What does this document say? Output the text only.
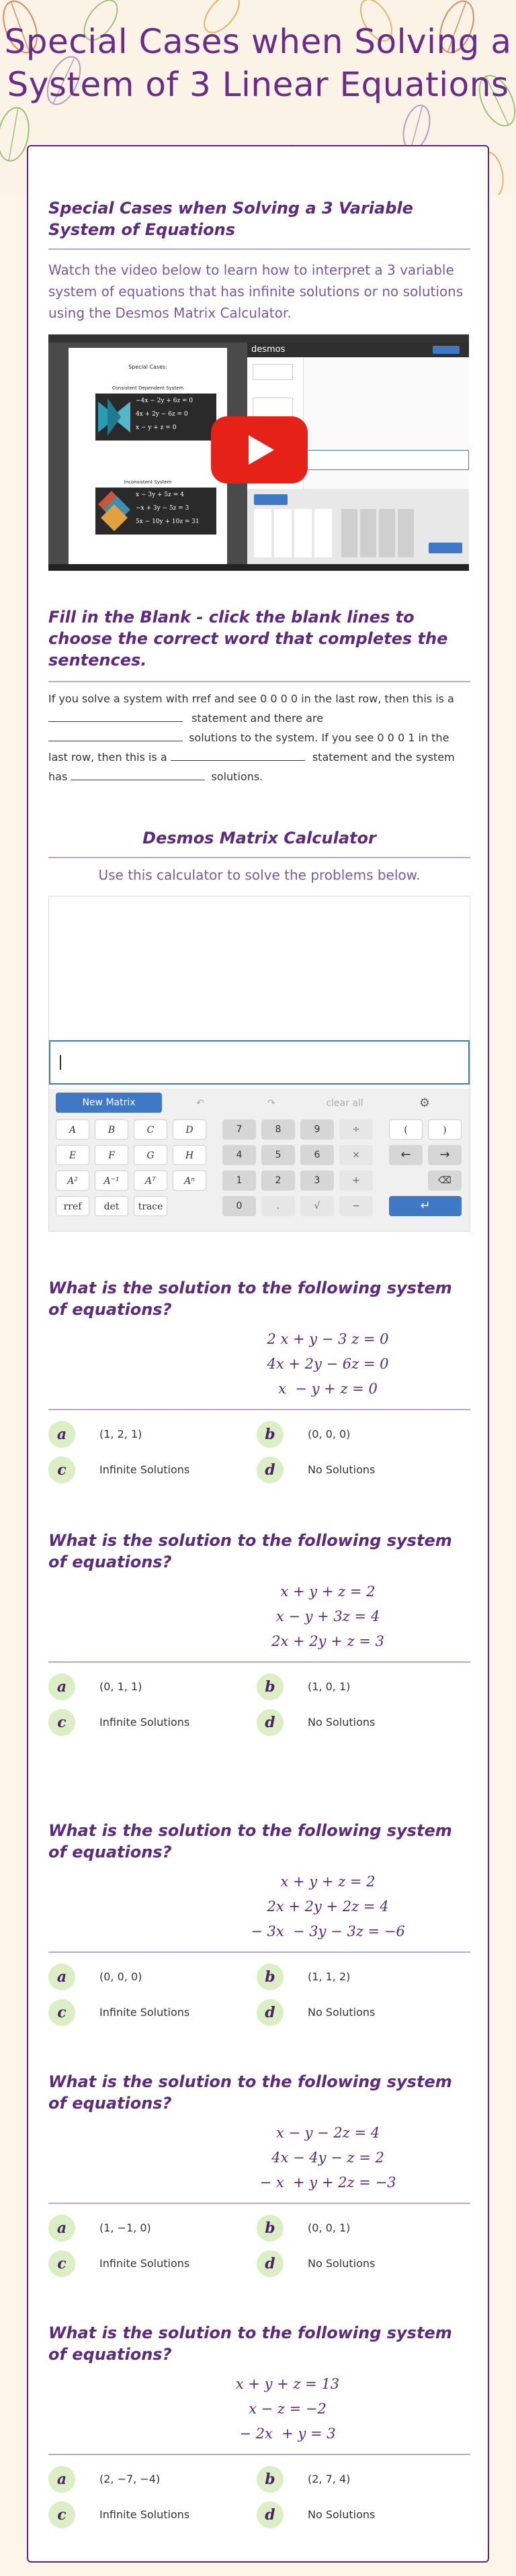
Special Cases when Solving a System of 3 Linear Equations
Special Cases when Solving a 3 Variable System of Equations
Watch the video below to learn how to interpret a 3 variable system of equations that has infinite solutions or no solutions using the Desmos Matrix Calculator.
Special Cases:
Consistent Dependent System
−4x − 2y + 6z = 0
4x + 2y − 6z = 0
x − y + z = 0
Inconsistent System
x − 3y + 5z = 4
−x + 3y − 5z = 3
5x − 10y + 10z = 31
desmos
Fill in the Blank - click the blank lines to choose the correct word that completes the sentences.
If you solve a system with rref and see 0 0 0 0 in the last row, then this is a
statement and there are
solutions to the system. If you see 0 0 0 1 in the
last row, then this is a	statement and the system
has	solutions.
Desmos Matrix Calculator
Use this calculator to solve the problems below.
New Matrix	↶	↷	clear all	⚙
A	B	C	D
E	F	G	H
A²	A⁻¹	Aᵀ	Aⁿ
rref	det	trace
7	8	9	÷
4	5	6	×
1	2	3	+
0	.	√	−
(	)
←	→
⌫
↵
What is the solution to the following system of equations?
2 x + y − 3 z = 0
4x + 2y − 6z = 0
x  − y + z = 0
a	(1, 2, 1)	b	(0, 0, 0)
c	Infinite Solutions	d	No Solutions
What is the solution to the following system of equations?
x + y + z = 2
x − y + 3z = 4
2x + 2y + z = 3
a	(0, 1, 1)	b	(1, 0, 1)
c	Infinite Solutions	d	No Solutions
What is the solution to the following system of equations?
x + y + z = 2
2x + 2y + 2z = 4
− 3x  − 3y − 3z = −6
a	(0, 0, 0)	b	(1, 1, 2)
c	Infinite Solutions	d	No Solutions
What is the solution to the following system of equations?
x − y − 2z = 4
4x − 4y − z = 2
− x  + y + 2z = −3
a	(1, −1, 0)	b	(0, 0, 1)
c	Infinite Solutions	d	No Solutions
What is the solution to the following system of equations?
x + y + z = 13
x − z = −2
− 2x  + y = 3
a	(2, −7, −4)	b	(2, 7, 4)
c	Infinite Solutions	d	No Solutions
